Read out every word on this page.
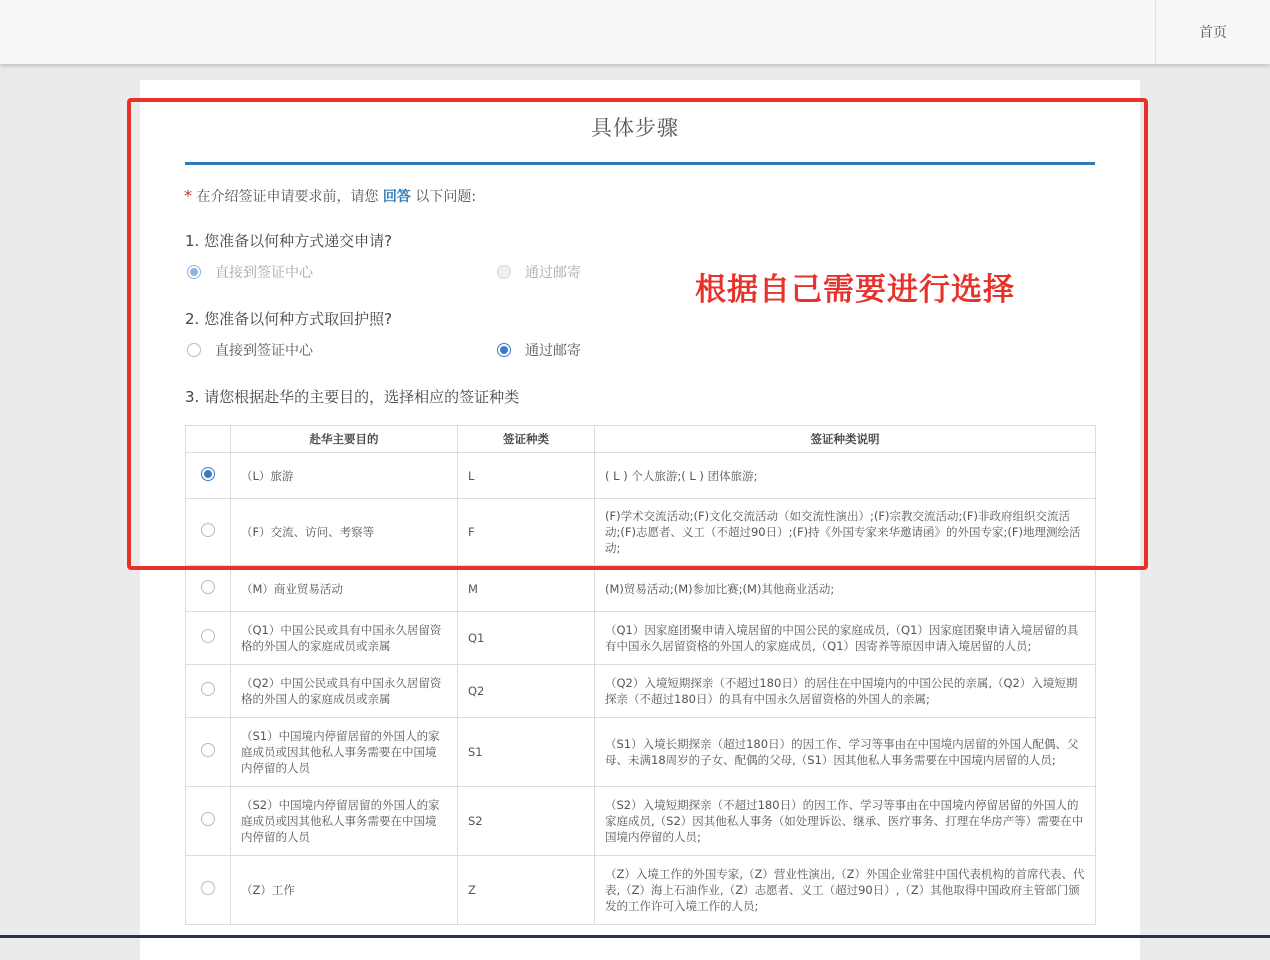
首页
具体步骤
* 在介绍签证申请要求前，请您 回答 以下问题:
1. 您准备以何种方式递交申请?
直接到签证中心	通过邮寄
2. 您准备以何种方式取回护照?
直接到签证中心	通过邮寄
3. 请您根据赴华的主要目的，选择相应的签证种类
根据自己需要进行选择
	赴华主要目的	签证种类	签证种类说明
	（L）旅游	L	( L ) 个人旅游;( L ) 团体旅游;
	（F）交流、访问、考察等	F	(F)学术交流活动;(F)文化交流活动（如交流性演出）;(F)宗教交流活动;(F)非政府组织交流活动;(F)志愿者、义工（不超过90日）;(F)持《外国专家来华邀请函》的外国专家;(F)地理测绘活动;
	（M）商业贸易活动	M	(M)贸易活动;(M)参加比赛;(M)其他商业活动;
	（Q1）中国公民或具有中国永久居留资格的外国人的家庭成员或亲属	Q1	（Q1）因家庭团聚申请入境居留的中国公民的家庭成员,（Q1）因家庭团聚申请入境居留的具有中国永久居留资格的外国人的家庭成员,（Q1）因寄养等原因申请入境居留的人员;
	（Q2）中国公民或具有中国永久居留资格的外国人的家庭成员或亲属	Q2	（Q2）入境短期探亲（不超过180日）的居住在中国境内的中国公民的亲属,（Q2）入境短期探亲（不超过180日）的具有中国永久居留资格的外国人的亲属;
	（S1）中国境内停留居留的外国人的家庭成员或因其他私人事务需要在中国境内停留的人员	S1	（S1）入境长期探亲（超过180日）的因工作、学习等事由在中国境内居留的外国人配偶、父母、未满18周岁的子女、配偶的父母,（S1）因其他私人事务需要在中国境内居留的人员;
	（S2）中国境内停留居留的外国人的家庭成员或因其他私人事务需要在中国境内停留的人员	S2	（S2）入境短期探亲（不超过180日）的因工作、学习等事由在中国境内停留居留的外国人的家庭成员,（S2）因其他私人事务（如处理诉讼、继承、医疗事务、打理在华房产等）需要在中国境内停留的人员;
	（Z）工作	Z	（Z）入境工作的外国专家,（Z）营业性演出,（Z）外国企业常驻中国代表机构的首席代表、代表,（Z）海上石油作业,（Z）志愿者、义工（超过90日）,（Z）其他取得中国政府主管部门颁发的工作许可入境工作的人员;
